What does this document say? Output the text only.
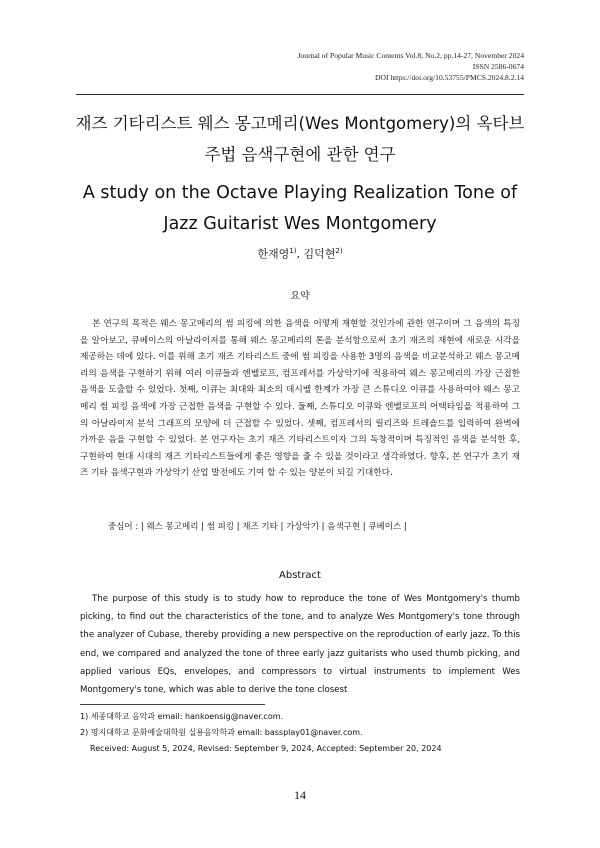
Journal of Popular Music Contents Vol.8, No.2, pp.14-27, November 2024
ISSN 2586-0674
DOI https://doi.org/10.53755/PMCS.2024.8.2.14
재즈 기타리스트 웨스 몽고메리(Wes Montgomery)의 옥타브
주법 음색구현에 관한 연구
A study on the Octave Playing Realization Tone of
Jazz Guitarist Wes Montgomery
한재영$^{1)}$, 김덕현$^{2)}$
요약
본 연구의 목적은 웨스 몽고메리의 썸 피킹에 의한 음색을 어떻게 재현할 것인가에 관한 연구이며 그 음색의 특징을 알아보고, 큐베이스의 아날라이저를 통해 웨스 몽고메리의 톤을 분석함으로써 초기 재즈의 재현에 새로운 시각을 제공하는 데에 있다. 이를 위해 초기 재즈 기타리스트 중에 썸 피킹을 사용한 3명의 음색을 비교분석하고 웨스 몽고메리의 음색을 구현하기 위해 여러 이큐들과 엔벨로프, 컴프레서를 가상악기에 적용하여 웨스 몽고메리의 가장 근접한 음색을 도출할 수 있었다. 첫째, 이큐는 최대와 최소의 데시벨 한계가 가장 큰 스튜디오 이큐를 사용하여야 웨스 몽고메리 썸 피킹 음색에 가장 근접한 음색을 구현할 수 있다. 둘째, 스튜디오 이큐와 엔벨로프의 어택타임을 적용하여 그의 아날라이저 분석 그래프의 모양에 더 근접할 수 있었다. 셋째, 컴프레서의 릴리즈와 트레숄드를 입력하여 완벽에 가까운 음을 구현할 수 있었다. 본 연구자는 초기 재즈 기타리스트이자 그의 독창적이며 특징적인 음색을 분석한 후, 구현하여 현대 시대의 재즈 기타리스트들에게 좋은 영향을 줄 수 있을 것이라고 생각하였다. 향후, 본 연구가 초기 재즈 기타 음색구현과 가상악기 산업 발전에도 기여 할 수 있는 양분이 되길 기대한다.
중심어 : | 웨스 몽고메리 | 썸 피킹 | 재즈 기타 | 가상악기 | 음색구현 | 큐베이스 |
Abstract
The purpose of this study is to study how to reproduce the tone of Wes Montgomery's thumb picking, to find out the characteristics of the tone, and to analyze Wes Montgomery's tone through the analyzer of Cubase, thereby providing a new perspective on the reproduction of early jazz. To this end, we compared and analyzed the tone of three early jazz guitarists who used thumb picking, and applied various EQs, envelopes, and compressors to virtual instruments to implement Wes Montgomery's tone, which was able to derive the tone closest
1) 세종대학교 음악과 email: hankoensig@naver.com.
2) 명지대학교 문화예술대학원 실용음악학과 email: bassplay01@naver.com.
Received: August 5, 2024, Revised: September 9, 2024, Accepted: September 20, 2024
14
